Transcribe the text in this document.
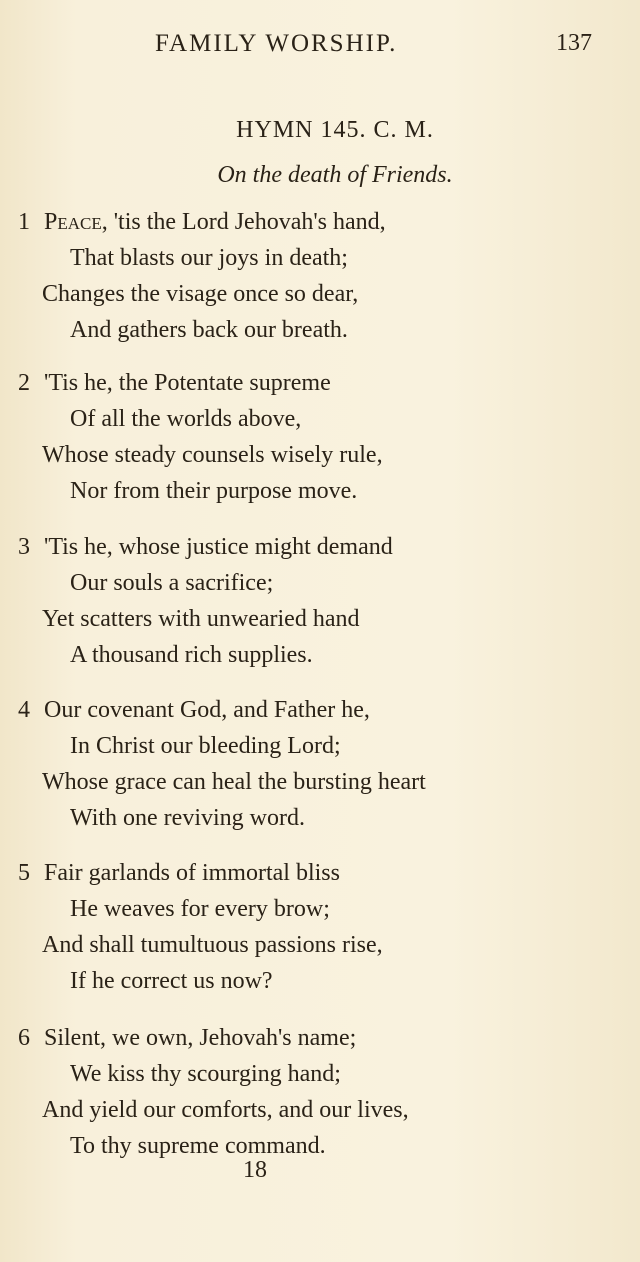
FAMILY WORSHIP.	137
HYMN 145. C. M.
On the death of Friends.
1 Peace, 'tis the Lord Jehovah's hand,
That blasts our joys in death;
Changes the visage once so dear,
And gathers back our breath.
2 'Tis he, the Potentate supreme
Of all the worlds above,
Whose steady counsels wisely rule,
Nor from their purpose move.
3 'Tis he, whose justice might demand
Our souls a sacrifice;
Yet scatters with unwearied hand
A thousand rich supplies.
4 Our covenant God, and Father he,
In Christ our bleeding Lord;
Whose grace can heal the bursting heart
With one reviving word.
5 Fair garlands of immortal bliss
He weaves for every brow;
And shall tumultuous passions rise,
If he correct us now?
6 Silent, we own, Jehovah's name;
We kiss thy scourging hand;
And yield our comforts, and our lives,
To thy supreme command.
18
